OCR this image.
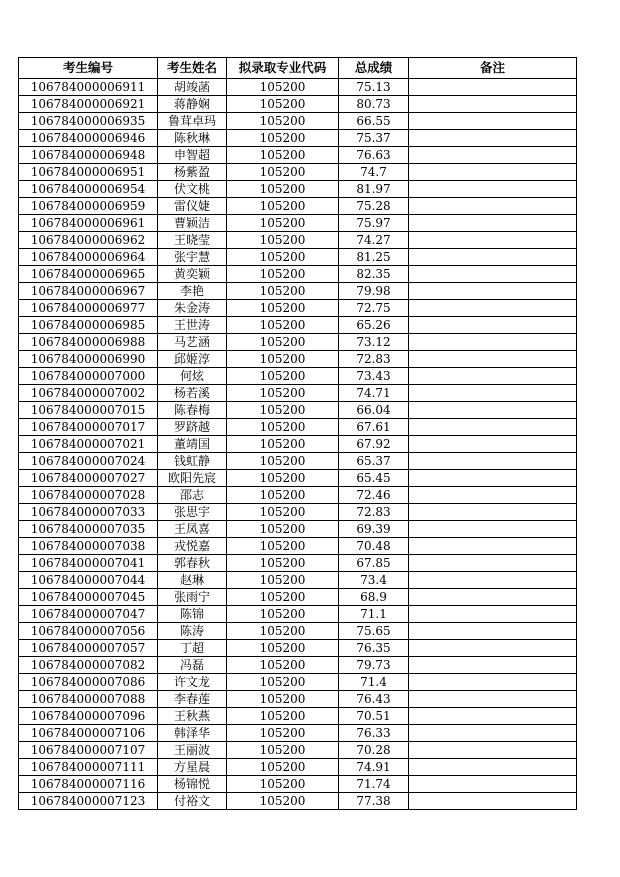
考生编号	考生姓名	拟录取专业代码	总成绩	备注
106784000006911	胡竣菡	105200	75.13	
106784000006921	蒋静娴	105200	80.73	
106784000006935	鲁茸卓玛	105200	66.55	
106784000006946	陈秋琳	105200	75.37	
106784000006948	申智超	105200	76.63	
106784000006951	杨紫盈	105200	74.7	
106784000006954	伏文桃	105200	81.97	
106784000006959	雷仪婕	105200	75.28	
106784000006961	曹颖洁	105200	75.97	
106784000006962	王晓莹	105200	74.27	
106784000006964	张宇慧	105200	81.25	
106784000006965	黄奕颖	105200	82.35	
106784000006967	李艳	105200	79.98	
106784000006977	朱金涛	105200	72.75	
106784000006985	王世涛	105200	65.26	
106784000006988	马艺涵	105200	73.12	
106784000006990	邱姬淳	105200	72.83	
106784000007000	何炫	105200	73.43	
106784000007002	杨若溪	105200	74.71	
106784000007015	陈春梅	105200	66.04	
106784000007017	罗跻越	105200	67.61	
106784000007021	董靖国	105200	67.92	
106784000007024	钱虹静	105200	65.37	
106784000007027	欧阳先宸	105200	65.45	
106784000007028	邵志	105200	72.46	
106784000007033	张思宇	105200	72.83	
106784000007035	王凤喜	105200	69.39	
106784000007038	戎悦嘉	105200	70.48	
106784000007041	郭春秋	105200	67.85	
106784000007044	赵琳	105200	73.4	
106784000007045	张雨宁	105200	68.9	
106784000007047	陈锦	105200	71.1	
106784000007056	陈涛	105200	75.65	
106784000007057	丁超	105200	76.35	
106784000007082	冯磊	105200	79.73	
106784000007086	许文龙	105200	71.4	
106784000007088	李春莲	105200	76.43	
106784000007096	王秋燕	105200	70.51	
106784000007106	韩泽华	105200	76.33	
106784000007107	王丽波	105200	70.28	
106784000007111	方星晨	105200	74.91	
106784000007116	杨锦悦	105200	71.74	
106784000007123	付裕文	105200	77.38	
